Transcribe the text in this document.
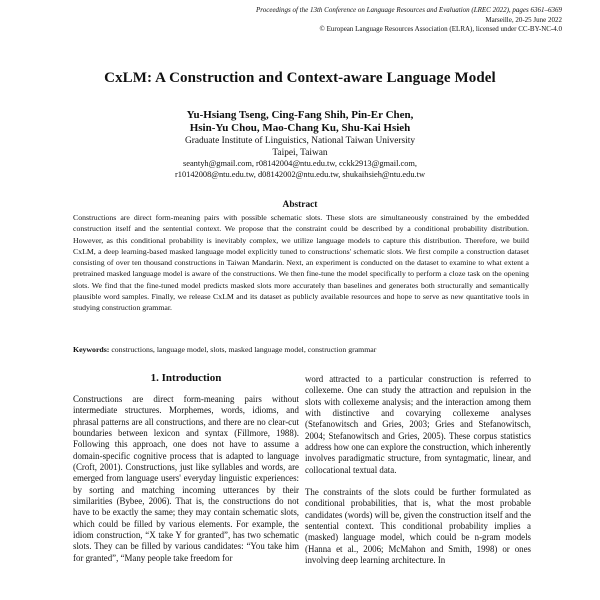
Proceedings of the 13th Conference on Language Resources and Evaluation (LREC 2022), pages 6361–6369
Marseille, 20-25 June 2022
© European Language Resources Association (ELRA), licensed under CC-BY-NC-4.0
CxLM: A Construction and Context-aware Language Model
Yu-Hsiang Tseng, Cing-Fang Shih, Pin-Er Chen,
Hsin-Yu Chou, Mao-Chang Ku, Shu-Kai Hsieh
Graduate Institute of Linguistics, National Taiwan University
Taipei, Taiwan
seantyh@gmail.com, r08142004@ntu.edu.tw, cckk2913@gmail.com,
r10142008@ntu.edu.tw, d08142002@ntu.edu.tw, shukaihsieh@ntu.edu.tw
Abstract
Constructions are direct form-meaning pairs with possible schematic slots. These slots are simultaneously constrained by the embedded construction itself and the sentential context. We propose that the constraint could be described by a conditional probability distribution. However, as this conditional probability is inevitably complex, we utilize language models to capture this distribution. Therefore, we build CxLM, a deep learning-based masked language model explicitly tuned to constructions' schematic slots. We first compile a construction dataset consisting of over ten thousand constructions in Taiwan Mandarin. Next, an experiment is conducted on the dataset to examine to what extent a pretrained masked language model is aware of the constructions. We then fine-tune the model specifically to perform a cloze task on the opening slots. We find that the fine-tuned model predicts masked slots more accurately than baselines and generates both structurally and semantically plausible word samples. Finally, we release CxLM and its dataset as publicly available resources and hope to serve as new quantitative tools in studying construction grammar.
Keywords: constructions, language model, slots, masked language model, construction grammar
1. Introduction

Constructions are direct form-meaning pairs without intermediate structures. Morphemes, words, idioms, and phrasal patterns are all constructions, and there are no clear-cut boundaries between lexicon and syntax (Fillmore, 1988). Following this approach, one does not have to assume a domain-specific cognitive process that is adapted to language (Croft, 2001). Constructions, just like syllables and words, are emerged from language users' everyday linguistic experiences: by sorting and matching incoming utterances by their similarities (Bybee, 2006). That is, the constructions do not have to be exactly the same; they may contain schematic slots, which could be filled by various elements. For example, the idiom construction, “X take Y for granted”, has two schematic slots. They can be filled by various candidates: “You take him for granted”, “Many people take freedom for

word attracted to a particular construction is referred to collexeme. One can study the attraction and repulsion in the slots with collexeme analysis; and the interaction among them with distinctive and covarying collexeme analyses (Stefanowitsch and Gries, 2003; Gries and Stefanowitsch, 2004; Stefanowitsch and Gries, 2005). These corpus statistics address how one can explore the construction, which inherently involves paradigmatic structure, from syntagmatic, linear, and collocational textual data.

The constraints of the slots could be further formulated as conditional probabilities, that is, what the most probable candidates (words) will be, given the construction itself and the sentential context. This conditional probability implies a (masked) language model, which could be n-gram models (Hanna et al., 2006; McMahon and Smith, 1998) or ones involving deep learning architecture. In
